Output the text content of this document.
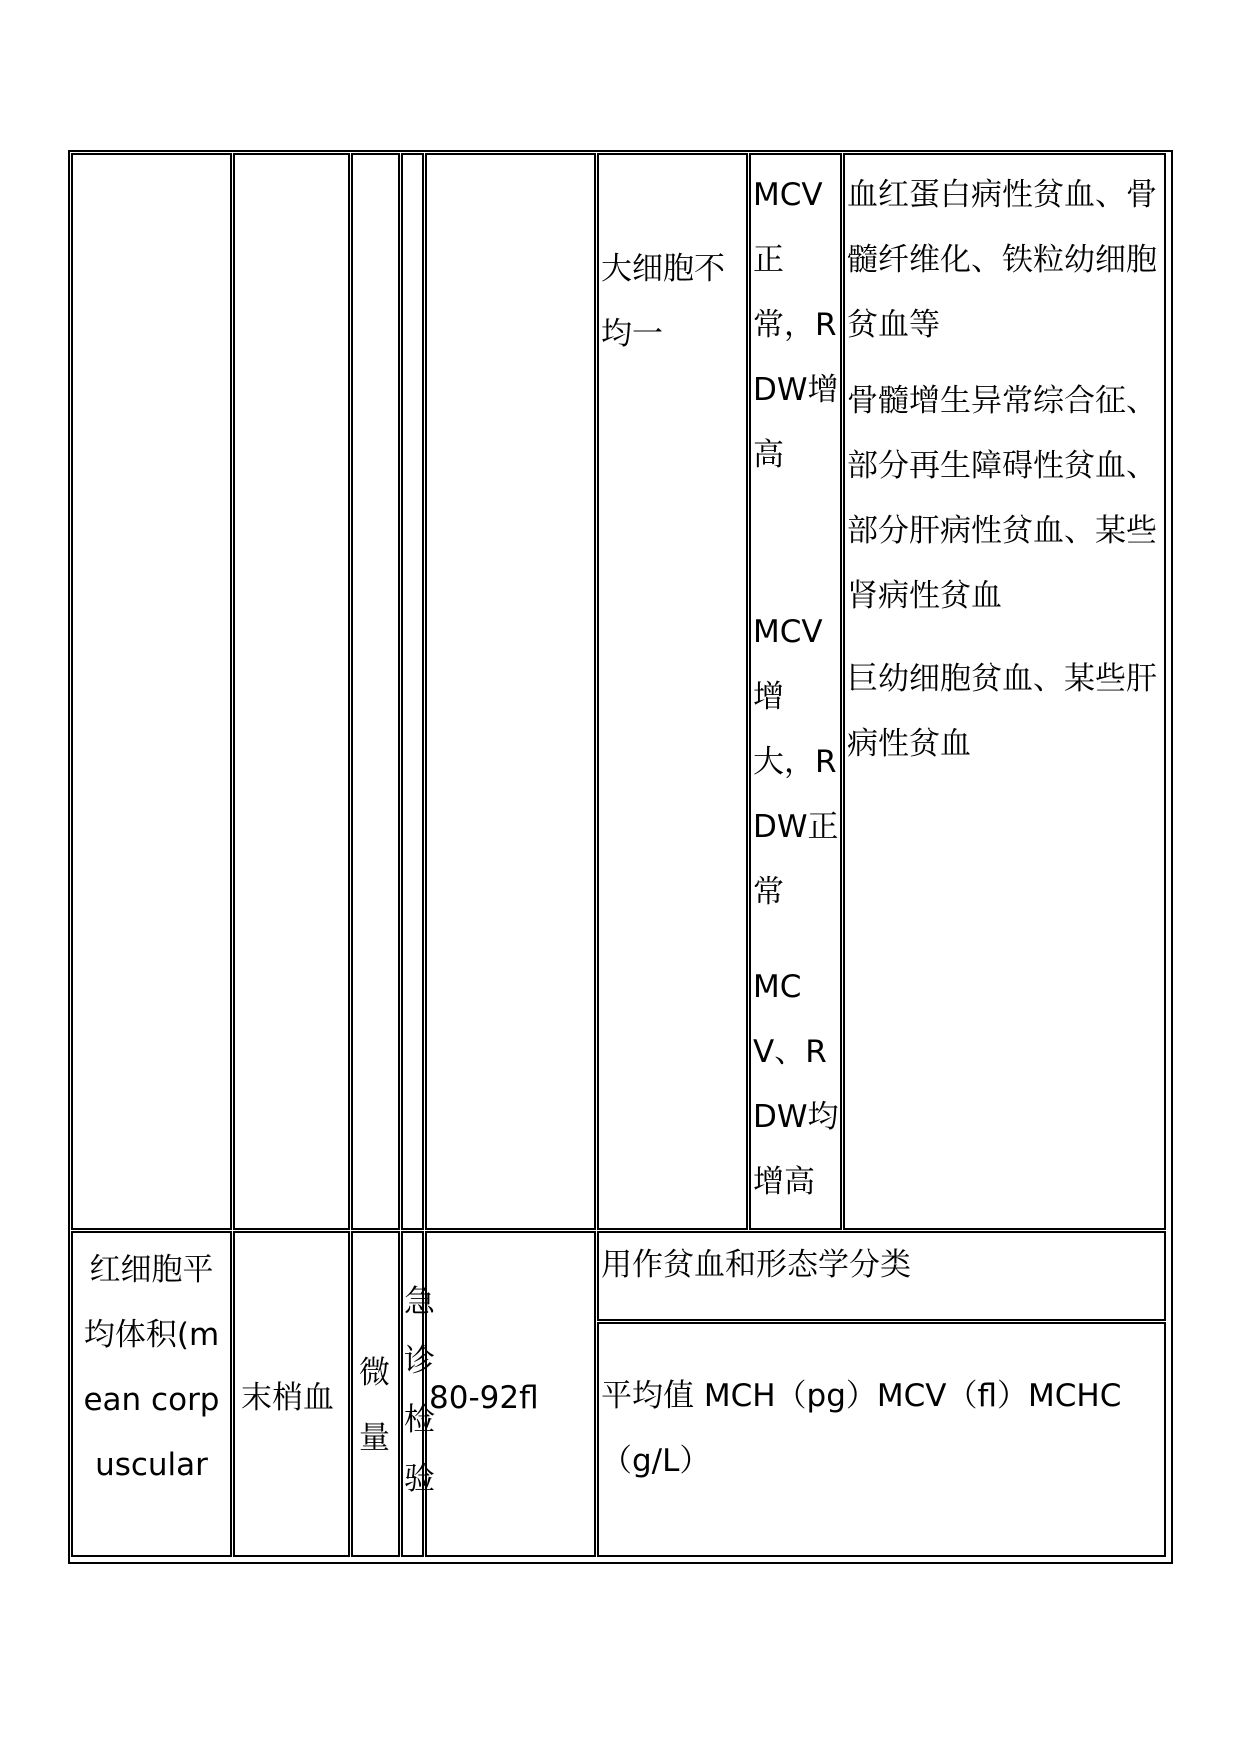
大细胞不均一
MCV正常，RDW增高
MCV增大，RDW正常
MCV、RDW均增高
血红蛋白病性贫血、骨髓纤维化、铁粒幼细胞贫血等
骨髓增生异常综合征、部分再生障碍性贫血、部分肝病性贫血、某些肾病性贫血
巨幼细胞贫血、某些肝病性贫血
红细胞平均体积(mean corpuscular
末梢血
微量
急诊检验
80-92fl
用作贫血和形态学分类
平均值 MCH（pg）MCV（fl）MCHC（g/L）
